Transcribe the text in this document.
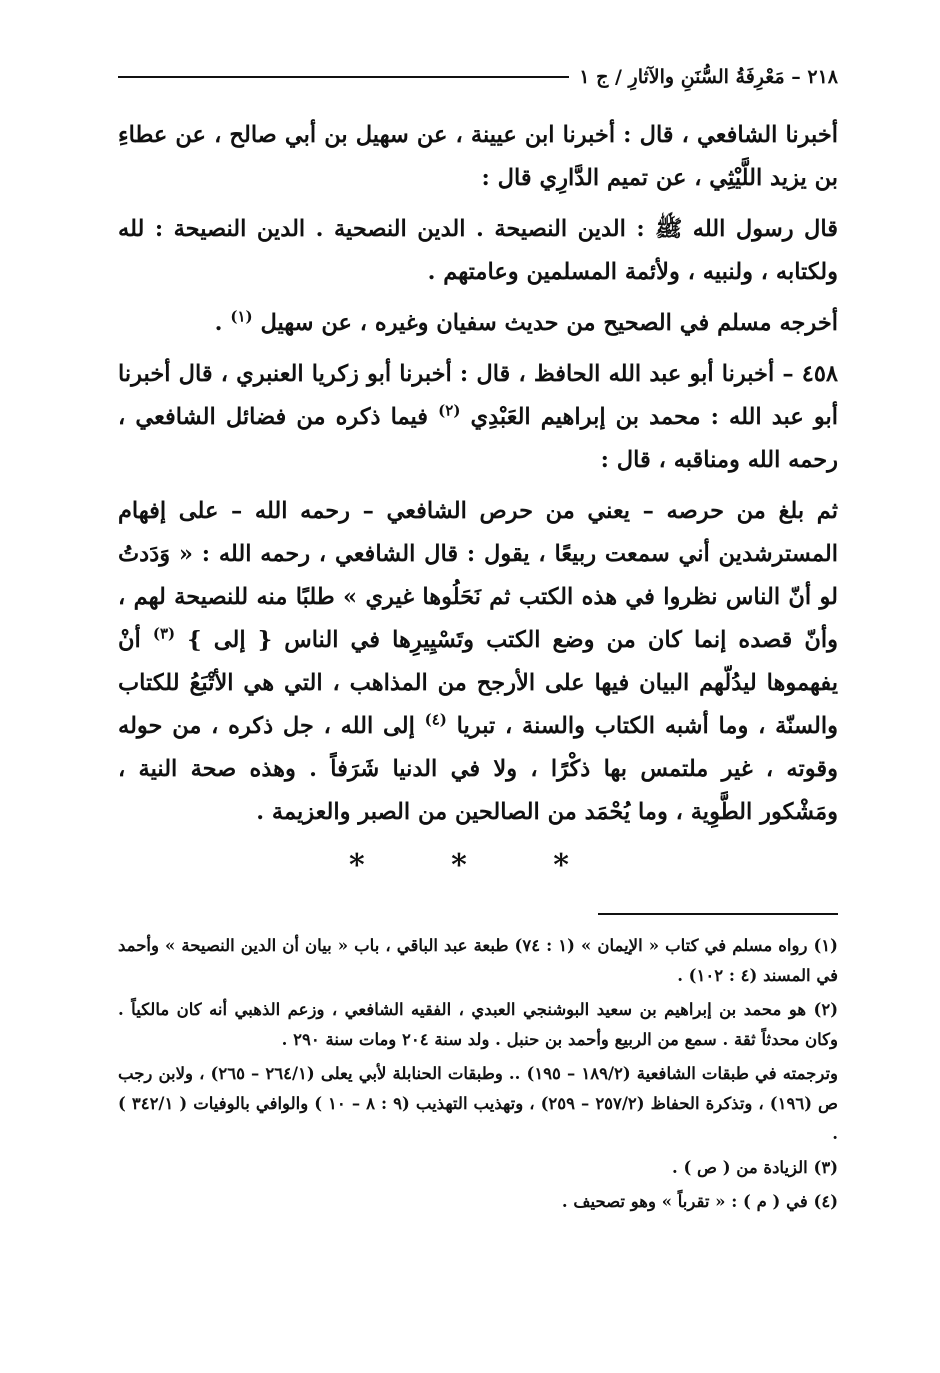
٢١٨ – مَعْرِفَةُ السُّنَنِ والآثارِ / ج ١

أخبرنا الشافعي ، قال : أخبرنا ابن عيينة ، عن سهيل بن أبي صالح ، عن عطاءِ بن يزيد اللَّيْثِي ، عن تميم الدَّارِي قال :

قال رسول الله ﷺ : الدين النصيحة . الدين النصحية . الدين النصيحة : لله ولكتابه ، ولنبيه ، ولأئمة المسلمين وعامتهم .

أخرجه مسلم في الصحيح من حديث سفيان وغيره ، عن سهيل $^{(١)}$ .

٤٥٨ – أخبرنا أبو عبد الله الحافظ ، قال : أخبرنا أبو زكريا العنبري ، قال أخبرنا أبو عبد الله : محمد بن إبراهيم العَبْدِي $^{(٢)}$ فيما ذكره من فضائل الشافعي ، رحمه الله ومناقبه ، قال :

ثم بلغ من حرصه – يعني من حرص الشافعي – رحمه الله – على إفهام المسترشدين أني سمعت ربيعًا ، يقول : قال الشافعي ، رحمه الله : « وَدَدتُ لو أنّ الناس نظروا في هذه الكتب ثم نَحَلُوها غيري » طلبًا منه للنصيحة لهم ، وأنّ قصده إنما كان من وضع الكتب وتَسْيِيرِها في الناس { إلى } $^{(٣)}$ أنْ يفهموها ليدُلّهم البيان فيها على الأرجح من المذاهب ، التي هي الأتْبَعُ للكتاب والسنّة ، وما أشبه الكتاب والسنة ، تبريا $^{(٤)}$ إلى الله ، جل ذكره ، من حوله وقوته ، غير ملتمس بها ذكْرًا ، ولا في الدنيا شَرَفاً . وهذه صحة النية ، ومَشْكور الطَّوِية ، وما يُحْمَد من الصالحين من الصبر والعزيمة .

* * *

(١) رواه مسلم في كتاب « الإيمان » (١ : ٧٤) طبعة عبد الباقي ، باب « بيان أن الدين النصيحة » وأحمد في المسند (٤ : ١٠٢) .

(٢) هو محمد بن إبراهيم بن سعيد البوشنجي العبدي ، الفقيه الشافعي ، وزعم الذهبي أنه كان مالكياً . وكان محدثاً ثقة . سمع من الربيع وأحمد بن حنبل . ولد سنة ٢٠٤ ومات سنة ٢٩٠ .

وترجمته في طبقات الشافعية (١٨٩/٢ – ١٩٥) .. وطبقات الحنابلة لأبي يعلى (٢٦٤/١ – ٢٦٥) ، ولابن رجب ص (١٩٦) ، وتذكرة الحفاظ (٢٥٧/٢ – ٢٥٩) ، وتهذيب التهذيب (٩ : ٨ – ١٠ ) والوافي بالوفيات ( ٣٤٢/١ ) .

(٣) الزيادة من ( ص ) .

(٤) في ( م ) : « تقرباً » وهو تصحيف .
